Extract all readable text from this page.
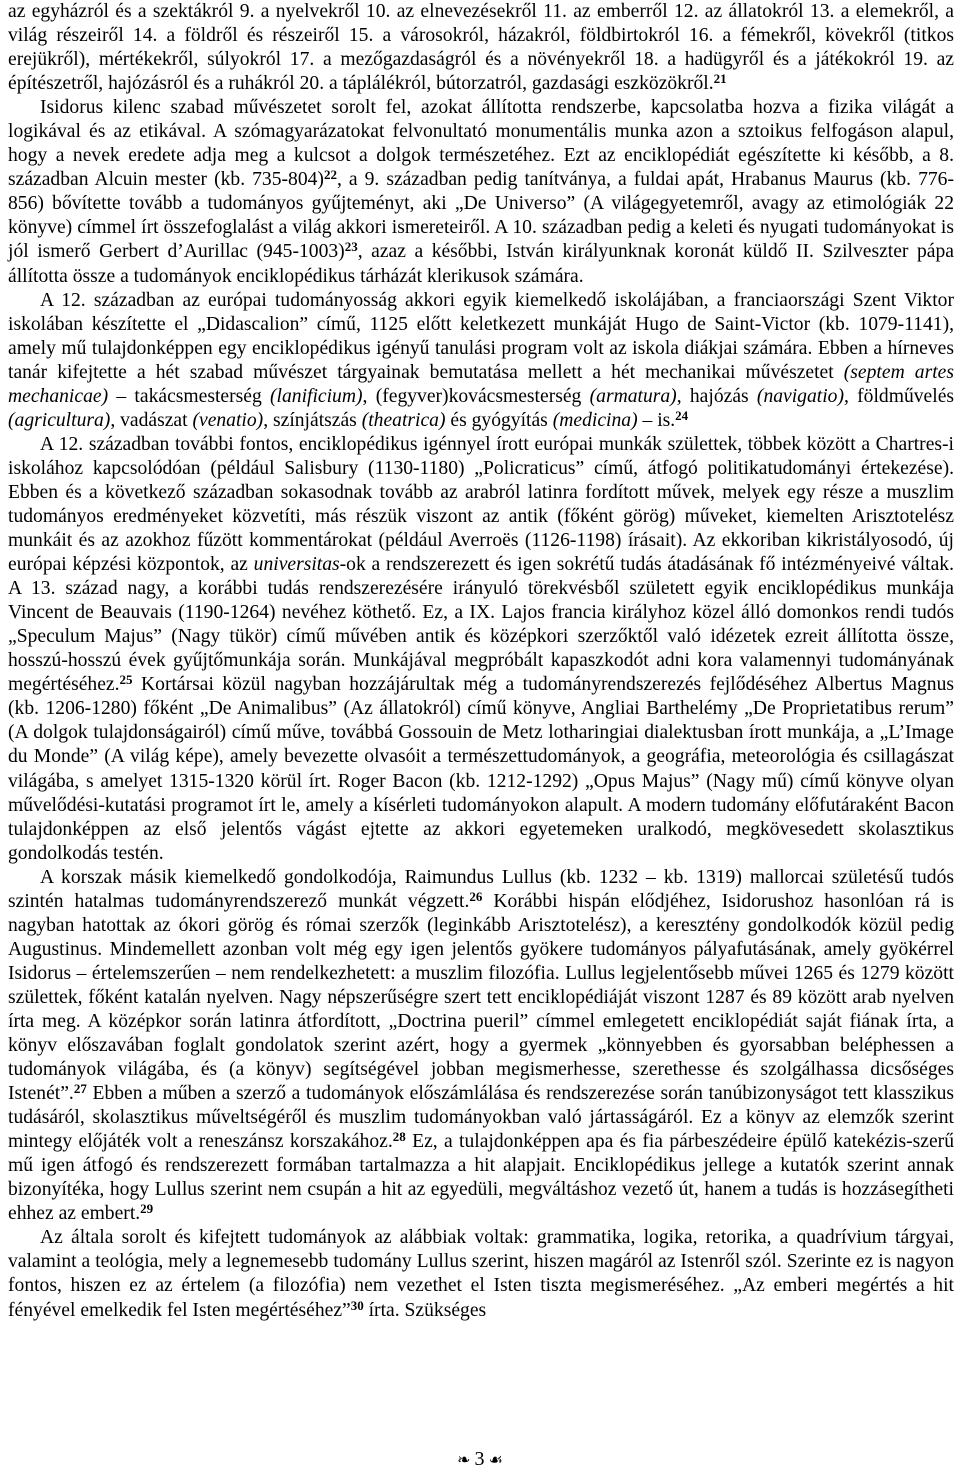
az egyházról és a szektákról 9. a nyelvekről 10. az elnevezésekről 11. az emberről 12. az állatokról 13. a elemekről, a világ részeiről 14. a földről és részeiről 15. a városokról, házakról, földbirtokról 16. a fémekről, kövekről (titkos erejükről), mértékekről, súlyokról 17. a mezőgazdaságról és a növényekről 18. a hadügyről és a játékokról 19. az építészetről, hajózásról és a ruhákról 20. a táplálékról, bútorzatról, gazdasági eszközökről.$^{21}$

Isidorus kilenc szabad művészetet sorolt fel, azokat állította rendszerbe, kapcsolatba hozva a fizika világát a logikával és az etikával. A szómagyarázatokat felvonultató monumentális munka azon a sztoikus felfogáson alapul, hogy a nevek eredete adja meg a kulcsot a dolgok természetéhez. Ezt az enciklopédiát egészítette ki később, a 8. században Alcuin mester (kb. 735-804)$^{22}$, a 9. században pedig tanítványa, a fuldai apát, Hrabanus Maurus (kb. 776-856) bővítette tovább a tudományos gyűjteményt, aki „De Universo” (A világegyetemről, avagy az etimológiák 22 könyve) címmel írt összefoglalást a világ akkori ismereteiről. A 10. században pedig a keleti és nyugati tudományokat is jól ismerő Gerbert d’Aurillac $(945-1003)^{23}$, azaz a későbbi, István királyunknak koronát küldő II. Szilveszter pápa állította össze a tudományok enciklopédikus tárházát klerikusok számára.

A 12. században az európai tudományosság akkori egyik kiemelkedő iskolájában, a franciaországi Szent Viktor iskolában készítette el „Didascalion” című, 1125 előtt keletkezett munkáját Hugo de Saint-Victor (kb. 1079-1141), amely mű tulajdonképpen egy enciklopédikus igényű tanulási program volt az iskola diákjai számára. Ebben a hírneves tanár kifejtette a hét szabad művészet tárgyainak bemutatása mellett a hét mechanikai művészetet (septem artes mechanicae) – takácsmesterség (lanificium), (fegyver)kovácsmesterség (armatura), hajózás (navigatio), földművelés (agricultura), vadászat (venatio), színjátszás (theatrica) és gyógyítás (medicina) – is.$^{24}$

A 12. században további fontos, enciklopédikus igénnyel írott európai munkák születtek, többek között a Chartres-i iskolához kapcsolódóan (például Salisbury (1130-1180) „Policraticus” című, átfogó politikatudományi értekezése). Ebben és a következő században sokasodnak tovább az arabról latinra fordított művek, melyek egy része a muszlim tudományos eredményeket közvetíti, más részük viszont az antik (főként görög) műveket, kiemelten Arisztotelész munkáit és az azokhoz fűzött kommentárokat (például Averroës (1126-1198) írásait). Az ekkoriban kikristályosodó, új európai képzési központok, az universitas-ok a rendszerezett és igen sokrétű tudás átadásának fő intézményeivé váltak. A 13. század nagy, a korábbi tudás rendszerezésére irányuló törekvésből született egyik enciklopédikus munkája Vincent de Beauvais (1190-1264) nevéhez köthető. Ez, a IX. Lajos francia királyhoz közel álló domonkos rendi tudós „Speculum Majus” (Nagy tükör) című művében antik és középkori szerzőktől való idézetek ezreit állította össze, hosszú-hosszú évek gyűjtőmunkája során. Munkájával megpróbált kapaszkodót adni kora valamennyi tudományának megértéséhez.$^{25}$ Kortársai közül nagyban hozzájárultak még a tudományrendszerezés fejlődéséhez Albertus Magnus (kb. 1206-1280) főként „De Animalibus” (Az állatokról) című könyve, Angliai Barthelémy „De Proprietatibus rerum” (A dolgok tulajdonságairól) című műve, továbbá Gossouin de Metz lotharingiai dialektusban írott munkája, a „L’Image du Monde” (A világ képe), amely bevezette olvasóit a természettudományok, a geográfia, meteorológia és csillagászat világába, s amelyet 1315-1320 körül írt. Roger Bacon (kb. 1212-1292) „Opus Majus” (Nagy mű) című könyve olyan művelődési-kutatási programot írt le, amely a kísérleti tudományokon alapult. A modern tudomány előfutáraként Bacon tulajdonképpen az első jelentős vágást ejtette az akkori egyetemeken uralkodó, megkövesedett skolasztikus gondolkodás testén.

A korszak másik kiemelkedő gondolkodója, Raimundus Lullus (kb. 1232 – kb. 1319) mallorcai születésű tudós szintén hatalmas tudományrendszerező munkát végzett.$^{26}$ Korábbi hispán elődjéhez, Isidorushoz hasonlóan rá is nagyban hatottak az ókori görög és római szerzők (leginkább Arisztotelész), a keresztény gondolkodók közül pedig Augustinus. Mindemellett azonban volt még egy igen jelentős gyökere tudományos pályafutásának, amely gyökérrel Isidorus – értelemszerűen – nem rendelkezhetett: a muszlim filozófia. Lullus legjelentősebb művei 1265 és 1279 között születtek, főként katalán nyelven. Nagy népszerűségre szert tett enciklopédiáját viszont 1287 és 89 között arab nyelven írta meg. A középkor során latinra átfordított, „Doctrina pueril” címmel emlegetett enciklopédiát saját fiának írta, a könyv előszavában foglalt gondolatok szerint azért, hogy a gyermek „könnyebben és gyorsabban beléphessen a tudományok világába, és (a könyv) segítségével jobban megismerhesse, szerethesse és szolgálhassa dicsőséges Istenét”.$^{27}$ Ebben a műben a szerző a tudományok előszámlálása és rendszerezése során tanúbizonyságot tett klasszikus tudásáról, skolasztikus műveltségéről és muszlim tudományokban való jártasságáról. Ez a könyv az elemzők szerint mintegy előjáték volt a reneszánsz korszakához.$^{28}$ Ez, a tulajdonképpen apa és fia párbeszédeire épülő katekézis-szerű mű igen átfogó és rendszerezett formában tartalmazza a hit alapjait. Enciklopédikus jellege a kutatók szerint annak bizonyítéka, hogy Lullus szerint nem csupán a hit az egyedüli, megváltáshoz vezető út, hanem a tudás is hozzásegítheti ehhez az embert.$^{29}$

Az általa sorolt és kifejtett tudományok az alábbiak voltak: grammatika, logika, retorika, a quadrívium tárgyai, valamint a teológia, mely a legnemesebb tudomány Lullus szerint, hiszen magáról az Istenről szól. Szerinte ez is nagyon fontos, hiszen ez az értelem (a filozófia) nem vezethet el Isten tiszta megismeréséhez. „Az emberi megértés a hit fényével emelkedik fel Isten megértéséhez”$^{30}$ írta. Szükséges

❧ 3 ☙
